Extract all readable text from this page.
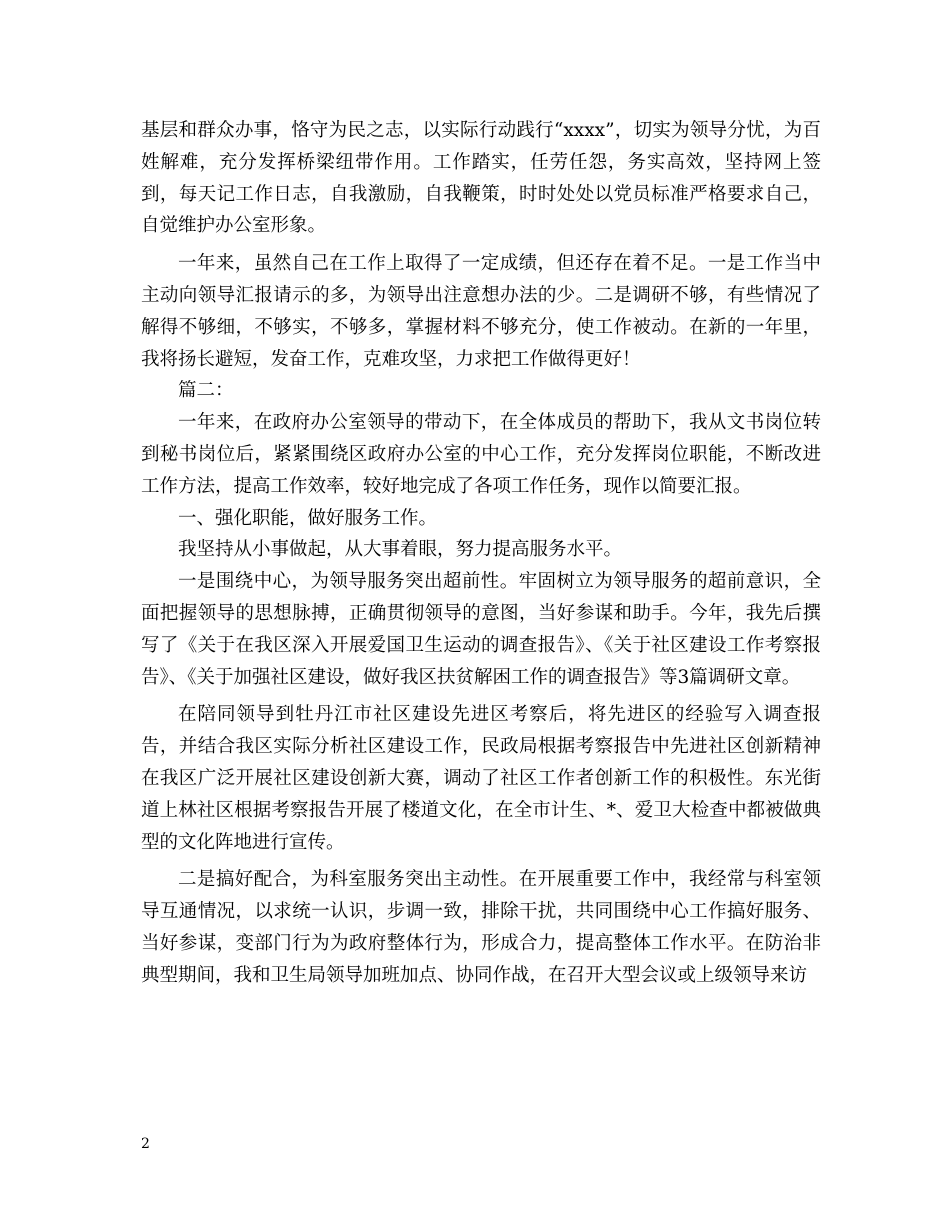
基层和群众办事，恪守为民之志，以实际行动践行“xxxx”，切实为领导分忧，为百姓解难，充分发挥桥梁纽带作用。工作踏实，任劳任怨，务实高效，坚持网上签到，每天记工作日志，自我激励，自我鞭策，时时处处以党员标准严格要求自己，自觉维护办公室形象。

一年来，虽然自己在工作上取得了一定成绩，但还存在着不足。一是工作当中主动向领导汇报请示的多，为领导出注意想办法的少。二是调研不够，有些情况了解得不够细，不够实，不够多，掌握材料不够充分，使工作被动。在新的一年里，我将扬长避短，发奋工作，克难攻坚，力求把工作做得更好！

篇二：

一年来，在政府办公室领导的带动下，在全体成员的帮助下，我从文书岗位转到秘书岗位后，紧紧围绕区政府办公室的中心工作，充分发挥岗位职能，不断改进工作方法，提高工作效率，较好地完成了各项工作任务，现作以简要汇报。

一、强化职能，做好服务工作。

我坚持从小事做起，从大事着眼，努力提高服务水平。

一是围绕中心，为领导服务突出超前性。牢固树立为领导服务的超前意识，全面把握领导的思想脉搏，正确贯彻领导的意图，当好参谋和助手。今年，我先后撰写了《关于在我区深入开展爱国卫生运动的调查报告》、《关于社区建设工作考察报告》、《关于加强社区建设，做好我区扶贫解困工作的调查报告》等3篇调研文章。

在陪同领导到牡丹江市社区建设先进区考察后，将先进区的经验写入调查报告，并结合我区实际分析社区建设工作，民政局根据考察报告中先进社区创新精神在我区广泛开展社区建设创新大赛，调动了社区工作者创新工作的积极性。东光街道上林社区根据考察报告开展了楼道文化，在全市计生、*、爱卫大检查中都被做典型的文化阵地进行宣传。

二是搞好配合，为科室服务突出主动性。在开展重要工作中，我经常与科室领导互通情况，以求统一认识，步调一致，排除干扰，共同围绕中心工作搞好服务、当好参谋，变部门行为为政府整体行为，形成合力，提高整体工作水平。在防治非典型期间，我和卫生局领导加班加点、协同作战，在召开大型会议或上级领导来访

2
